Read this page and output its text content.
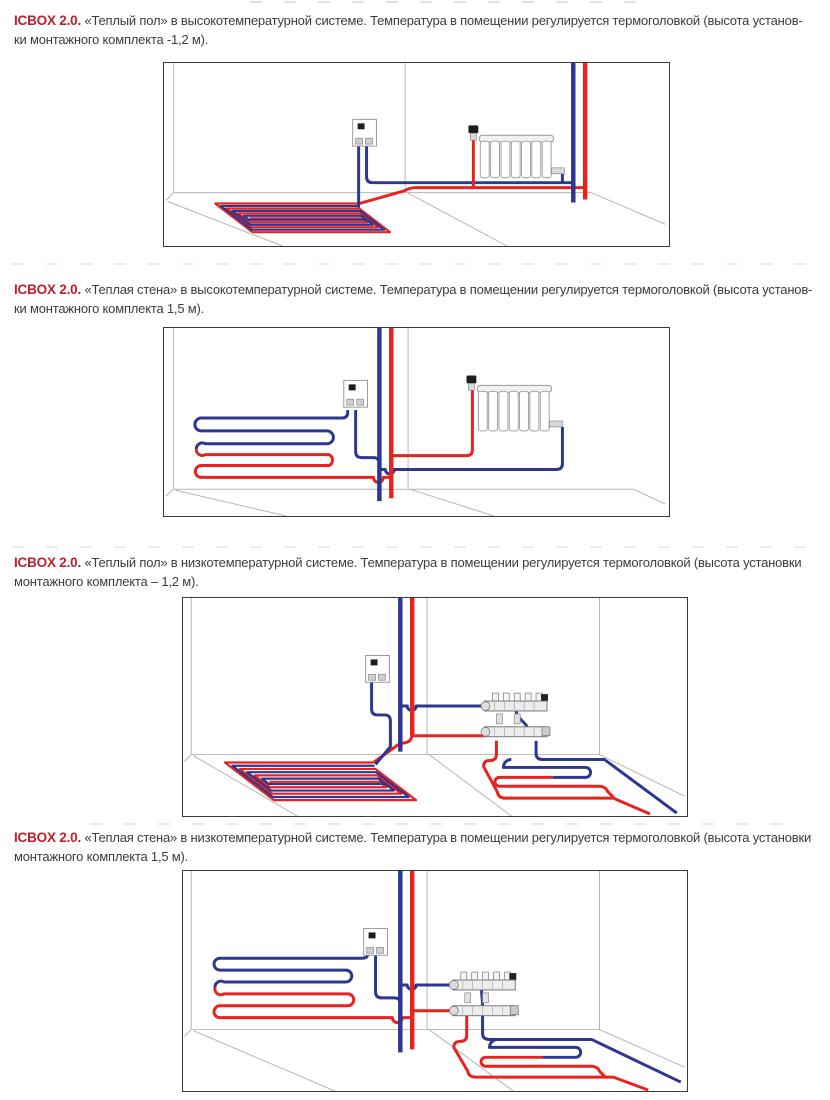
ICBOX 2.0. «Теплый пол» в высокотемпературной системе. Температура в помещении регулируется термоголовкой (высота установ-
ки монтажного комплекта -1,2 м).
ICBOX 2.0. «Теплая стена» в высокотемпературной системе. Температура в помещении регулируется термоголовкой (высота установ-
ки монтажного комплекта 1,5 м).
ICBOX 2.0. «Теплый пол» в низкотемпературной системе. Температура в помещении регулируется термоголовкой (высота установки
монтажного комплекта – 1,2 м).
ICBOX 2.0. «Теплая стена» в низкотемпературной системе. Температура в помещении регулируется термоголовкой (высота установки
монтажного комплекта 1,5 м).
